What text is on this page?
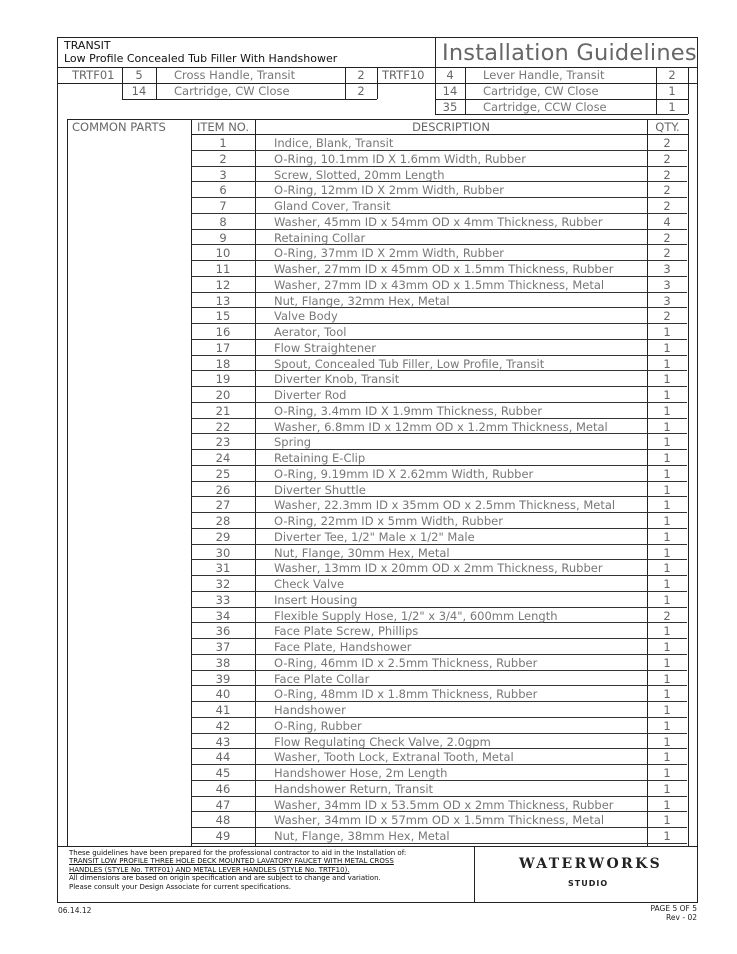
TRANSIT
Low Profile Concealed Tub Filler With Handshower	Installation Guidelines
TRTF01	5	Cross Handle, Transit	2
14	Cartridge, CW Close	2
TRTF10	4	Lever Handle, Transit	2
14	Cartridge, CW Close	1
35	Cartridge, CCW Close	1
COMMON PARTS	ITEM NO.	DESCRIPTION	QTY.
1	Indice, Blank, Transit	2
2	O-Ring, 10.1mm ID X 1.6mm Width, Rubber	2
3	Screw, Slotted, 20mm Length	2
6	O-Ring, 12mm ID X 2mm Width, Rubber	2
7	Gland Cover, Transit	2
8	Washer, 45mm ID x 54mm OD x 4mm Thickness, Rubber	4
9	Retaining Collar	2
10	O-Ring, 37mm ID X 2mm Width, Rubber	2
11	Washer, 27mm ID x 45mm OD x 1.5mm Thickness, Rubber	3
12	Washer, 27mm ID x 43mm OD x 1.5mm Thickness, Metal	3
13	Nut, Flange, 32mm Hex, Metal	3
15	Valve Body	2
16	Aerator, Tool	1
17	Flow Straightener	1
18	Spout, Concealed Tub Filler, Low Profile, Transit	1
19	Diverter Knob, Transit	1
20	Diverter Rod	1
21	O-Ring, 3.4mm ID X 1.9mm Thickness, Rubber	1
22	Washer, 6.8mm ID x 12mm OD x 1.2mm Thickness, Metal	1
23	Spring	1
24	Retaining E-Clip	1
25	O-Ring, 9.19mm ID X 2.62mm Width, Rubber	1
26	Diverter Shuttle	1
27	Washer, 22.3mm ID x 35mm OD x 2.5mm Thickness, Metal	1
28	O-Ring, 22mm ID x 5mm Width, Rubber	1
29	Diverter Tee, 1/2" Male x 1/2" Male	1
30	Nut, Flange, 30mm Hex, Metal	1
31	Washer, 13mm ID x 20mm OD x 2mm Thickness, Rubber	1
32	Check Valve	1
33	Insert Housing	1
34	Flexible Supply Hose, 1/2" x 3/4", 600mm Length	2
36	Face Plate Screw, Phillips	1
37	Face Plate, Handshower	1
38	O-Ring, 46mm ID x 2.5mm Thickness, Rubber	1
39	Face Plate Collar	1
40	O-Ring, 48mm ID x 1.8mm Thickness, Rubber	1
41	Handshower	1
42	O-Ring, Rubber	1
43	Flow Regulating Check Valve, 2.0gpm	1
44	Washer, Tooth Lock, Extranal Tooth, Metal	1
45	Handshower Hose, 2m Length	1
46	Handshower Return, Transit	1
47	Washer, 34mm ID x 53.5mm OD x 2mm Thickness, Rubber	1
48	Washer, 34mm ID x 57mm OD x 1.5mm Thickness, Metal	1
49	Nut, Flange, 38mm Hex, Metal	1
These guidelines have been prepared for the professional contractor to aid in the Installation of:
TRANSIT LOW PROFILE THREE HOLE DECK MOUNTED LAVATORY FAUCET WITH METAL CROSS
HANDLES (STYLE No. TRTF01) AND METAL LEVER HANDLES (STYLE No. TRTF10).
All dimensions are based on origin specification and are subject to change and variation.
Please consult your Design Associate for current specifications.
WATERWORKS
STUDIO
06.14.12	PAGE 5 OF 5
Rev - 02
